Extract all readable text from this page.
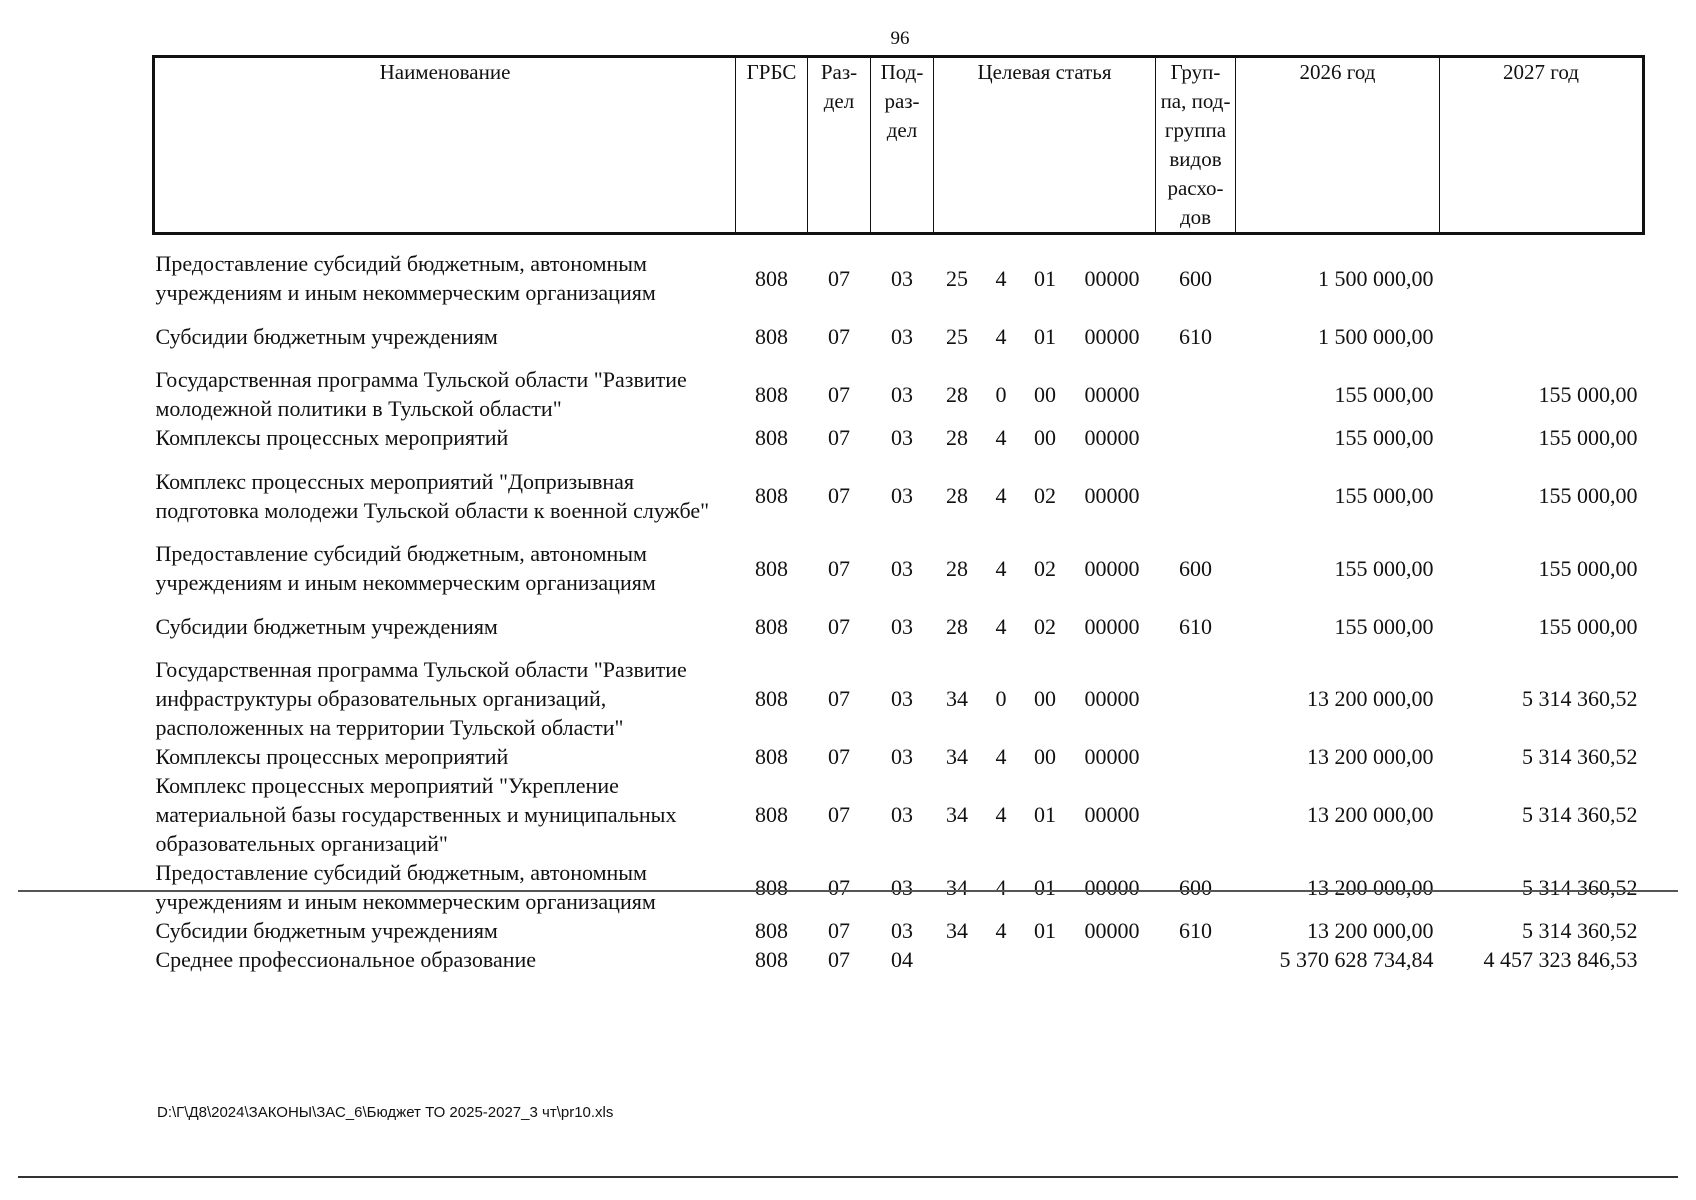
96
Наименование	ГРБС	Раз-дел	Под-раз-дел	Целевая статья				Груп-па, под-группа видов расхо-дов	2026 год	2027 год
Предоставление субсидий бюджетным, автономным учреждениям и иным некоммерческим организациям	808	07	03	25	4	01	00000	600	1 500 000,00	
Субсидии бюджетным учреждениям	808	07	03	25	4	01	00000	610	1 500 000,00	
Государственная программа Тульской области "Развитие молодежной политики в Тульской области"	808	07	03	28	0	00	00000		155 000,00	155 000,00
Комплексы процессных мероприятий	808	07	03	28	4	00	00000		155 000,00	155 000,00
Комплекс процессных мероприятий "Допризывная подготовка молодежи Тульской области к военной службе"	808	07	03	28	4	02	00000		155 000,00	155 000,00
Предоставление субсидий бюджетным, автономным учреждениям и иным некоммерческим организациям	808	07	03	28	4	02	00000	600	155 000,00	155 000,00
Субсидии бюджетным учреждениям	808	07	03	28	4	02	00000	610	155 000,00	155 000,00
Государственная программа Тульской области "Развитие инфраструктуры образовательных организаций, расположенных на территории Тульской области"	808	07	03	34	0	00	00000		13 200 000,00	5 314 360,52
Комплексы процессных мероприятий	808	07	03	34	4	00	00000		13 200 000,00	5 314 360,52
Комплекс процессных мероприятий "Укрепление материальной базы государственных и муниципальных образовательных организаций"	808	07	03	34	4	01	00000		13 200 000,00	5 314 360,52
Предоставление субсидий бюджетным, автономным учреждениям и иным некоммерческим организациям	808	07	03	34	4	01	00000	600	13 200 000,00	5 314 360,52
Субсидии бюджетным учреждениям	808	07	03	34	4	01	00000	610	13 200 000,00	5 314 360,52
Среднее профессиональное образование	808	07	04						5 370 628 734,84	4 457 323 846,53
D:\Г\Д8\2024\ЗАКОНЫ\ЗАС_6\Бюджет ТО 2025-2027_3 чт\pr10.xls
